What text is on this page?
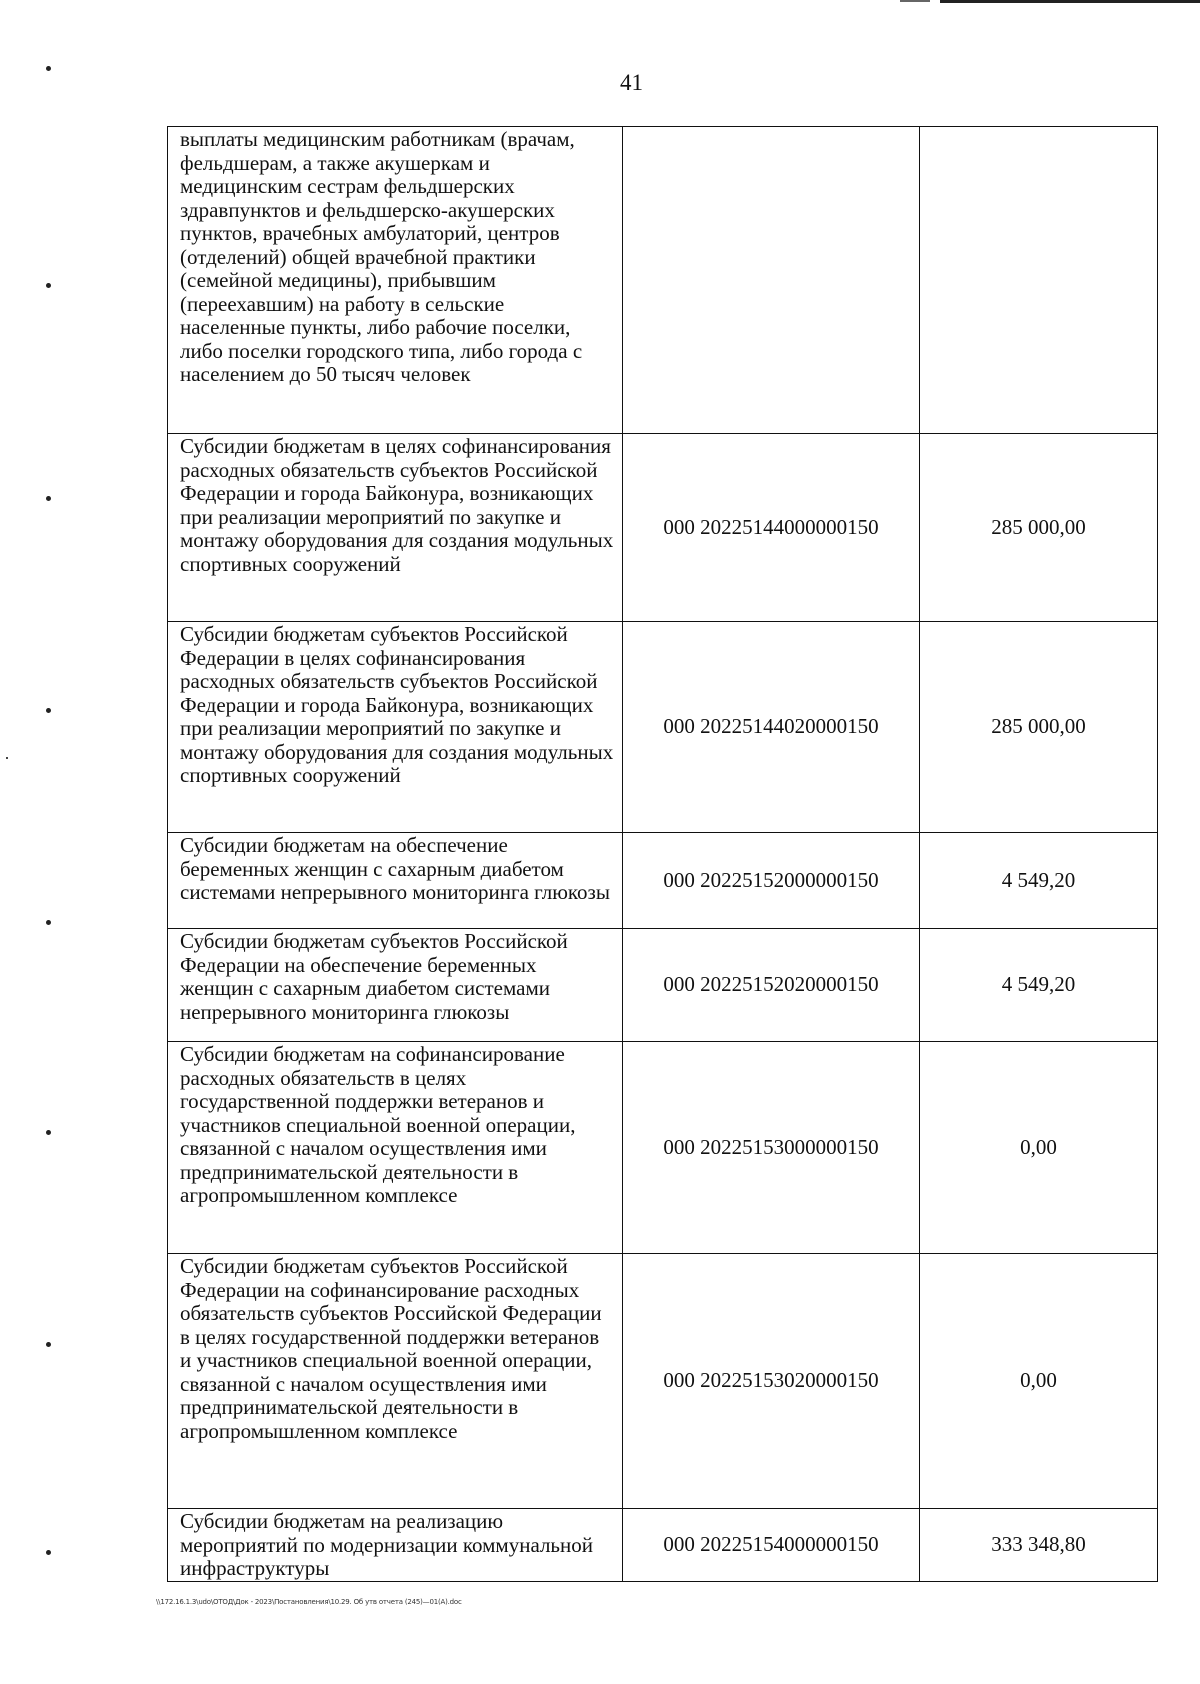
41
выплаты медицинским работникам (врачам, фельдшерам, а также акушеркам и медицинским сестрам фельдшерских здравпунктов и фельдшерско-акушерских пунктов, врачебных амбулаторий, центров (отделений) общей врачебной практики (семейной медицины), прибывшим (переехавшим) на работу в сельские населенные пункты, либо рабочие поселки, либо поселки городского типа, либо города с населением до 50 тысяч человек		
Субсидии бюджетам в целях софинансирования расходных обязательств субъектов Российской Федерации и города Байконура, возникающих при реализации мероприятий по закупке и монтажу оборудования для создания модульных спортивных сооружений	000 20225144000000150	285 000,00
Субсидии бюджетам субъектов Российской Федерации в целях софинансирования расходных обязательств субъектов Российской Федерации и города Байконура, возникающих при реализации мероприятий по закупке и монтажу оборудования для создания модульных спортивных сооружений	000 20225144020000150	285 000,00
Субсидии бюджетам на обеспечение беременных женщин с сахарным диабетом системами непрерывного мониторинга глюкозы	000 20225152000000150	4 549,20
Субсидии бюджетам субъектов Российской Федерации на обеспечение беременных женщин с сахарным диабетом системами непрерывного мониторинга глюкозы	000 20225152020000150	4 549,20
Субсидии бюджетам на софинансирование расходных обязательств в целях государственной поддержки ветеранов и участников специальной военной операции, связанной с началом осуществления ими предпринимательской деятельности в агропромышленном комплексе	000 20225153000000150	0,00
Субсидии бюджетам субъектов Российской Федерации на софинансирование расходных обязательств субъектов Российской Федерации в целях государственной поддержки ветеранов и участников специальной военной операции, связанной с началом осуществления ими предпринимательской деятельности в агропромышленном комплексе	000 20225153020000150	0,00
Субсидии бюджетам на реализацию мероприятий по модернизации коммунальной инфраструктуры	000 20225154000000150	333 348,80
\\172.16.1.3\udo\ОТОД\Док - 2023\Постановления\10.29. Об утв отчета (245)—01(А).doc
